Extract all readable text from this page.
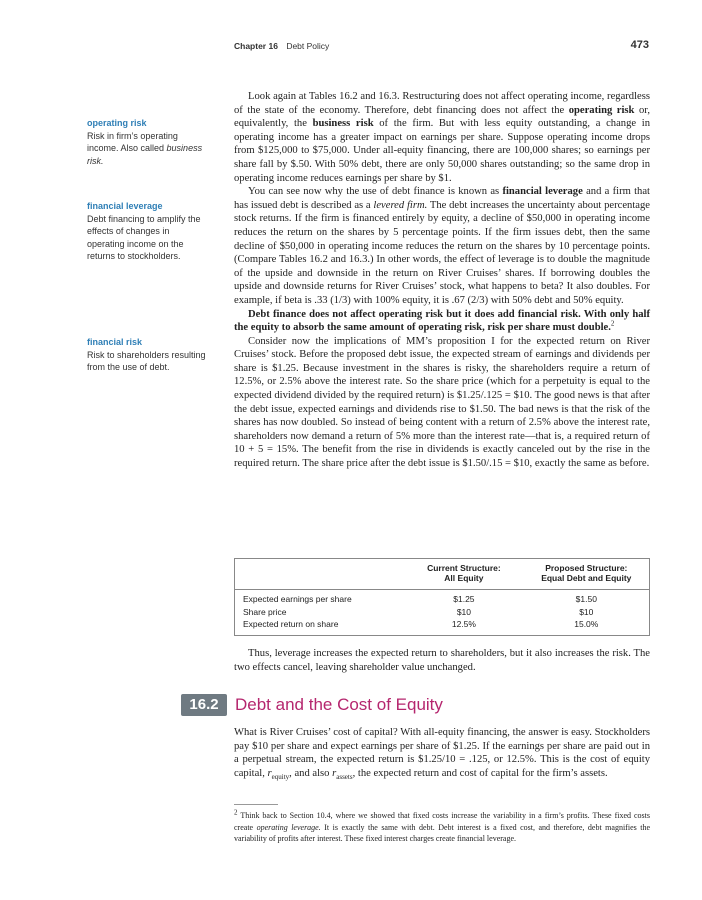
Chapter 16 Debt Policy	473
operating risk
Risk in firm’s operating income. Also called business risk.
financial leverage
Debt financing to amplify the effects of changes in operating income on the returns to stockholders.
financial risk
Risk to shareholders resulting from the use of debt.

Look again at Tables 16.2 and 16.3. Restructuring does not affect operating income, regardless of the state of the economy. Therefore, debt financing does not affect the operating risk or, equivalently, the business risk of the firm. But with less equity outstanding, a change in operating income has a greater impact on earnings per share. Suppose operating income drops from $125,000 to $75,000. Under all-equity financing, there are 100,000 shares; so earnings per share fall by $.50. With 50% debt, there are only 50,000 shares outstanding; so the same drop in operating income reduces earnings per share by $1.

You can see now why the use of debt finance is known as financial leverage and a firm that has issued debt is described as a levered firm. The debt increases the uncertainty about percentage stock returns. If the firm is financed entirely by equity, a decline of $50,000 in operating income reduces the return on the shares by 5 percentage points. If the firm issues debt, then the same decline of $50,000 in operating income reduces the return on the shares by 10 percentage points. (Compare Tables 16.2 and 16.3.) In other words, the effect of leverage is to double the magnitude of the upside and downside in the return on River Cruises’ shares. If borrowing doubles the upside and downside returns for River Cruises’ stock, what happens to beta? It also doubles. For example, if beta is .33 (1/3) with 100% equity, it is .67 (2/3) with 50% debt and 50% equity.

Debt finance does not affect operating risk but it does add financial risk. With only half the equity to absorb the same amount of operating risk, risk per share must double.$^2$

Consider now the implications of MM’s proposition I for the expected return on River Cruises’ stock. Before the proposed debt issue, the expected stream of earnings and dividends per share is $1.25. Because investment in the shares is risky, the shareholders require a return of 12.5%, or 2.5% above the interest rate. So the share price (which for a perpetuity is equal to the expected dividend divided by the required return) is $1.25/.125 = $10. The good news is that after the debt issue, expected earnings and dividends rise to $1.50. The bad news is that the risk of the shares has now doubled. So instead of being content with a return of 2.5% above the interest rate, shareholders now demand a return of 5% more than the interest rate—that is, a required return of 10 + 5 = 15%. The benefit from the rise in dividends is exactly canceled out by the rise in the required return. The share price after the debt issue is $1.50/.15 = $10, exactly the same as before.

Current Structure:
All Equity
Proposed Structure:
Equal Debt and Equity
Expected earnings per share	$1.25	$1.50
Share price	$10	$10
Expected return on share	12.5%	15.0%

Thus, leverage increases the expected return to shareholders, but it also increases the risk. The two effects cancel, leaving shareholder value unchanged.

16.2 Debt and the Cost of Equity

What is River Cruises’ cost of capital? With all-equity financing, the answer is easy. Stockholders pay $10 per share and expect earnings per share of $1.25. If the earnings per share are paid out in a perpetual stream, the expected return is $1.25/10 = .125, or 12.5%. This is the cost of equity capital, $r_{equity}$, and also $r_{assets}$, the expected return and cost of capital for the firm’s assets.

$^2$ Think back to Section 10.4, where we showed that fixed costs increase the variability in a firm’s profits. These fixed costs create operating leverage. It is exactly the same with debt. Debt interest is a fixed cost, and therefore, debt magnifies the variability of profits after interest. These fixed interest charges create financial leverage.
